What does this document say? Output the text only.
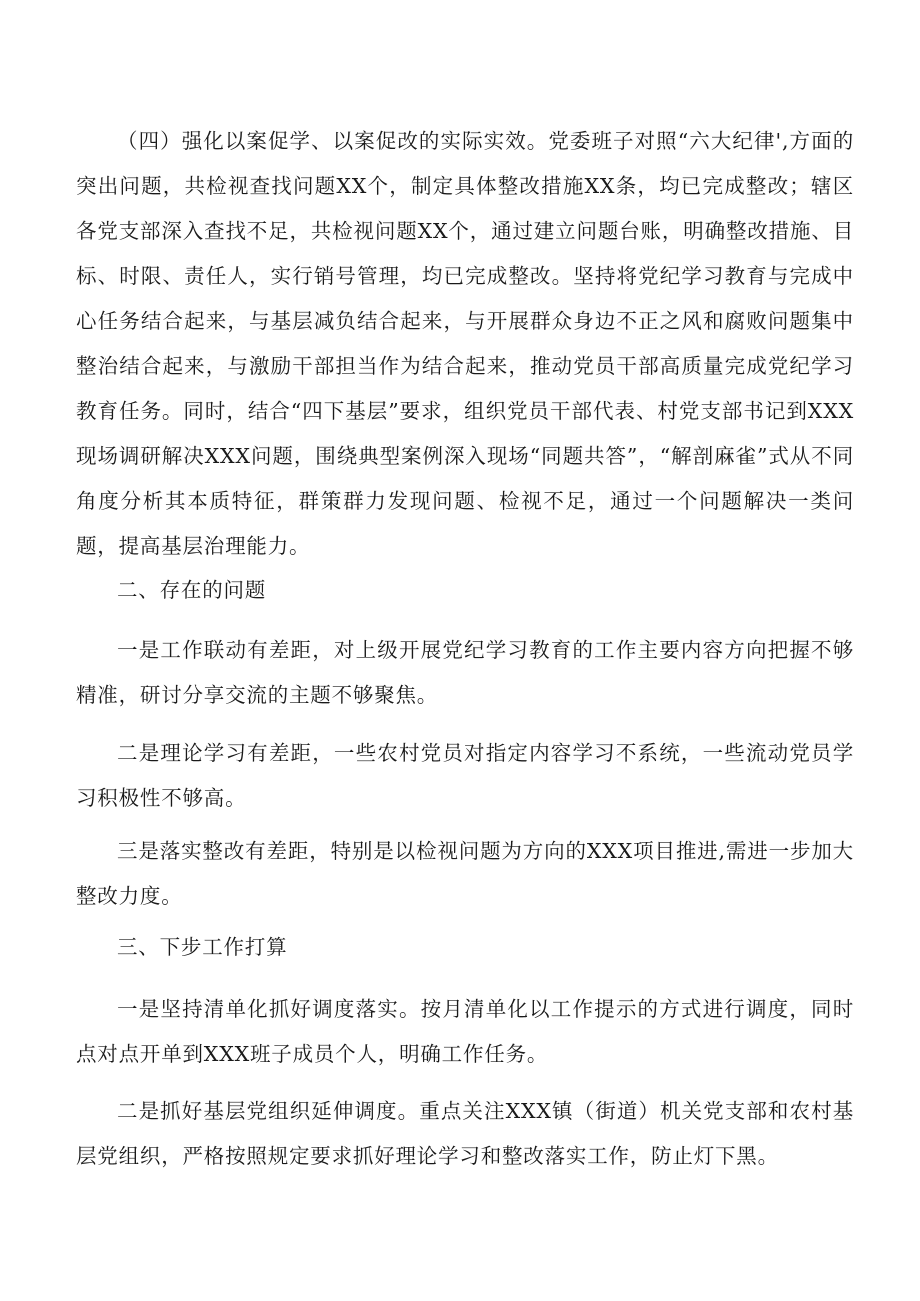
（四）强化以案促学、以案促改的实际实效。党委班子对照“六大纪律',方面的突出问题，共检视查找问题XX个，制定具体整改措施XX条，均已完成整改；辖区各党支部深入查找不足，共检视问题XX个，通过建立问题台账，明确整改措施、目标、时限、责任人，实行销号管理，均已完成整改。坚持将党纪学习教育与完成中心任务结合起来，与基层减负结合起来，与开展群众身边不正之风和腐败问题集中整治结合起来，与激励干部担当作为结合起来，推动党员干部高质量完成党纪学习教育任务。同时，结合“四下基层”要求，组织党员干部代表、村党支部书记到XXX现场调研解决XXX问题，围绕典型案例深入现场“同题共答”，“解剖麻雀”式从不同角度分析其本质特征，群策群力发现问题、检视不足，通过一个问题解决一类问题，提高基层治理能力。

二、存在的问题

一是工作联动有差距，对上级开展党纪学习教育的工作主要内容方向把握不够精准，研讨分享交流的主题不够聚焦。

二是理论学习有差距，一些农村党员对指定内容学习不系统，一些流动党员学习积极性不够高。

三是落实整改有差距，特别是以检视问题为方向的XXX项目推进,需进一步加大整改力度。

三、下步工作打算

一是坚持清单化抓好调度落实。按月清单化以工作提示的方式进行调度，同时点对点开单到XXX班子成员个人，明确工作任务。

二是抓好基层党组织延伸调度。重点关注XXX镇（街道）机关党支部和农村基层党组织，严格按照规定要求抓好理论学习和整改落实工作，防止灯下黑。
